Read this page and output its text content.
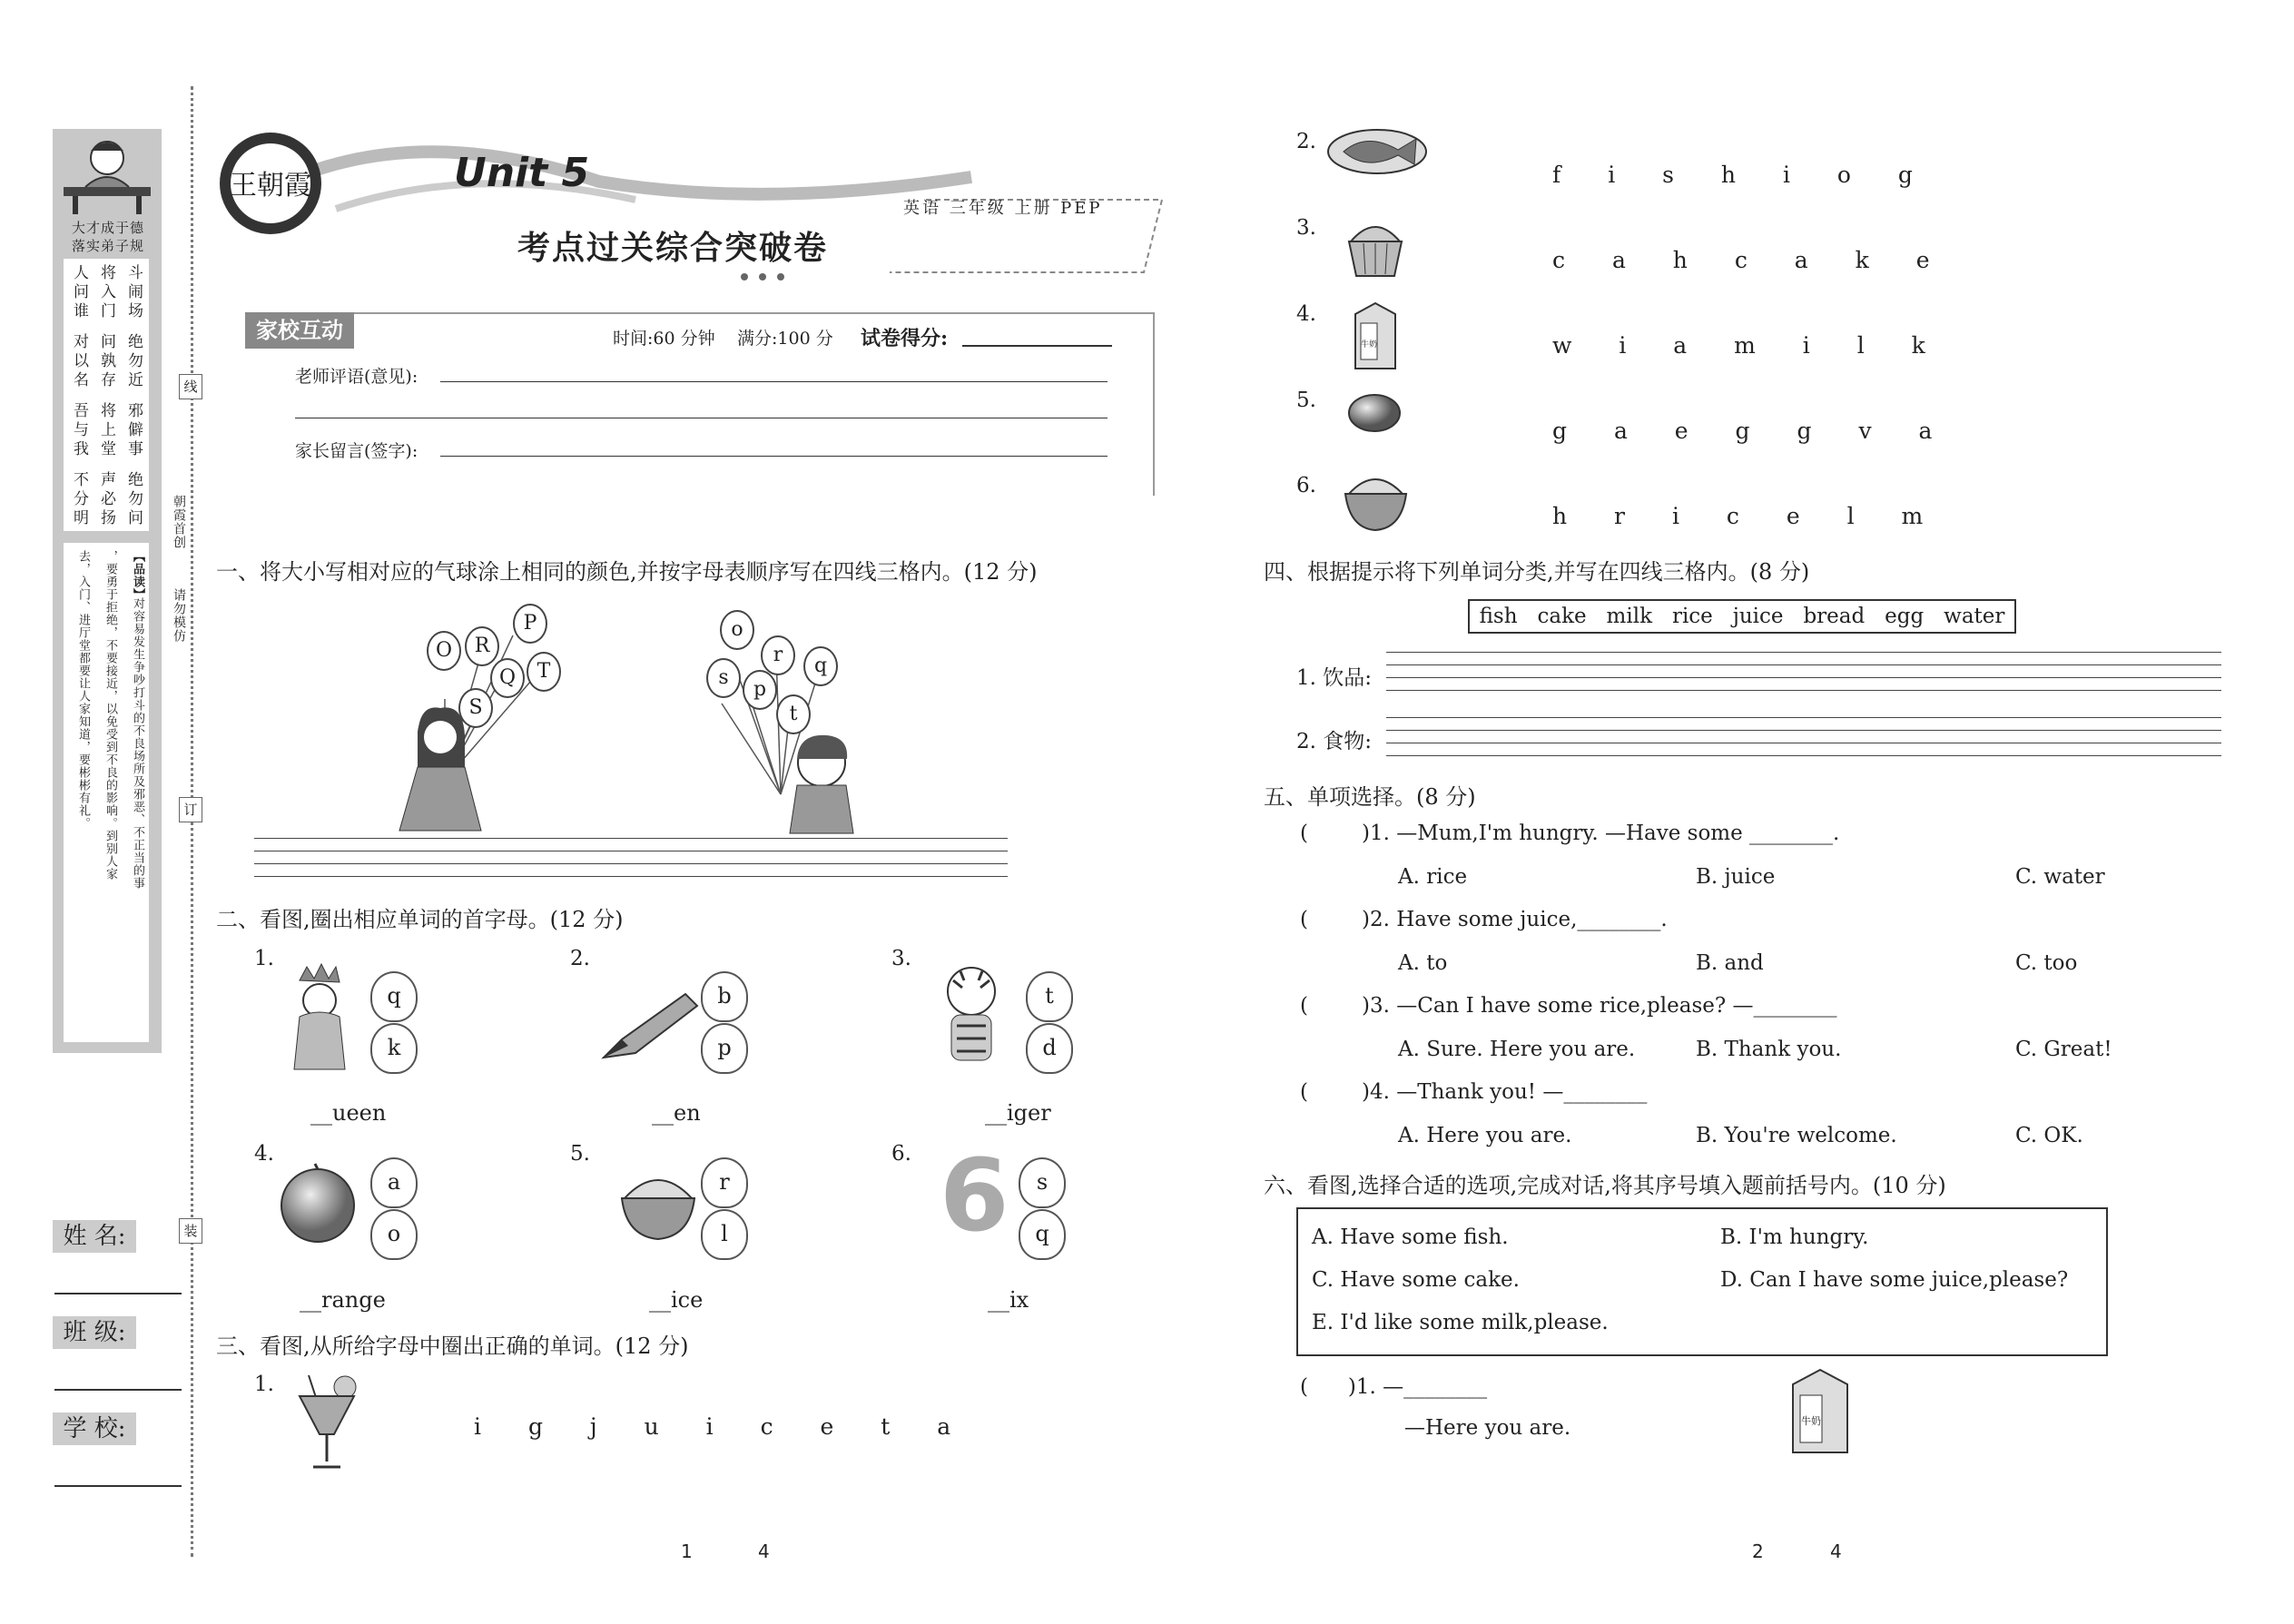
大才成于德
落实弟子规
斗闹场
绝勿近
邪僻事
绝勿问
将入门
问孰存
将上堂
声必扬
人问谁
对以名
吾与我
不分明
【品读】
对容易发生争吵打斗的不良场所及邪恶、不正当的事
，要勇于拒绝，不要接近，以免受到不良的影响。到别人家
去，入门、进厅堂都要让人家知道，要彬彬有礼。
朝霞首创
请勿模仿
线
订
装
姓 名:
班 级:
学 校:
王朝霞	Unit 5
英语 三年级 上册 PEP
考点过关综合突破卷
家校互动	时间:60 分钟 满分:100 分 试卷得分:
老师评语(意见):
家长留言(签字):
一、将大小写相对应的气球涂上相同的颜色,并按字母表顺序写在四线三格内。(12 分)
O	R
P
Q	T
S
o
r	q
s
p
t
二、看图,圈出相应单词的首字母。(12 分)
1.
q
k
__ueen
2.
b
p
__en
3.
t
d
__iger
4.
a
o
__range
5.
r
l
__ice
6. 6	s
q
__ix
三、看图,从所给字母中圈出正确的单词。(12 分)
1.
i g j u i c e t a
1	4
2.
f i s h i o g
3.
c a h c a k e
4.
牛奶	w i a m i l k
5.
g a e g g v a
6.
h r i c e l m
四、根据提示将下列单词分类,并写在四线三格内。(8 分)
fish   cake   milk   rice   juice   bread   egg   water
1. 饮品:
2. 食物:
五、单项选择。(8 分)
(	)1. —Mum,I'm hungry. —Have some ________.
A. rice	B. juice	C. water
(	)2. Have some juice,________.
A. to	B. and	C. too
(	)3. —Can I have some rice,please? —________
A. Sure. Here you are.	B. Thank you.	C. Great!
(	)4. —Thank you! —________
A. Here you are.	B. You're welcome.	C. OK.
六、看图,选择合适的选项,完成对话,将其序号填入题前括号内。(10 分)
A. Have some fish.	B. I'm hungry.
C. Have some cake.	D. Can I have some juice,please?
E. I'd like some milk,please.
(      )1. —________
—Here you are.	牛奶
2	4
